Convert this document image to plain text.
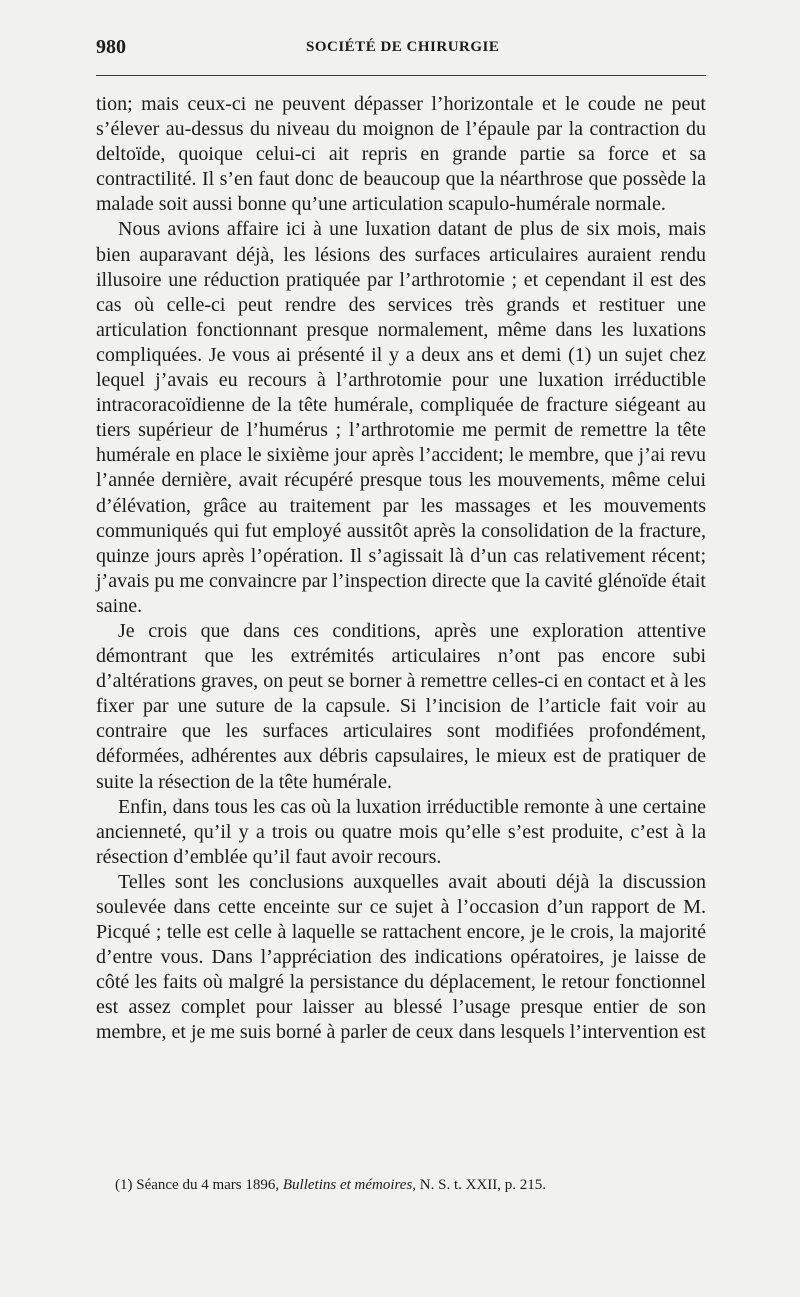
980	SOCIÉTÉ DE CHIRURGIE

tion; mais ceux-ci ne peuvent dépasser l’horizontale et le coude ne peut s’élever au-dessus du niveau du moignon de l’épaule par la contraction du deltoïde, quoique celui-ci ait repris en grande partie sa force et sa contractilité. Il s’en faut donc de beaucoup que la néarthrose que possède la malade soit aussi bonne qu’une articulation scapulo-humérale normale.

Nous avions affaire ici à une luxation datant de plus de six mois, mais bien auparavant déjà, les lésions des surfaces articulaires auraient rendu illusoire une réduction pratiquée par l’arthrotomie ; et cependant il est des cas où celle-ci peut rendre des services très grands et restituer une articulation fonctionnant presque normalement, même dans les luxations compliquées. Je vous ai présenté il y a deux ans et demi (1) un sujet chez lequel j’avais eu recours à l’arthrotomie pour une luxation irréductible intracoracoïdienne de la tête humérale, compliquée de fracture siégeant au tiers supérieur de l’humérus ; l’arthrotomie me permit de remettre la tête humérale en place le sixième jour après l’accident; le membre, que j’ai revu l’année dernière, avait récupéré presque tous les mouvements, même celui d’élévation, grâce au traitement par les massages et les mouvements communiqués qui fut employé aussitôt après la consolidation de la fracture, quinze jours après l’opération. Il s’agissait là d’un cas relativement récent; j’avais pu me convaincre par l’inspection directe que la cavité glénoïde était saine.

Je crois que dans ces conditions, après une exploration attentive démontrant que les extrémités articulaires n’ont pas encore subi d’altérations graves, on peut se borner à remettre celles-ci en contact et à les fixer par une suture de la capsule. Si l’incision de l’article fait voir au contraire que les surfaces articulaires sont modifiées profondément, déformées, adhérentes aux débris capsulaires, le mieux est de pratiquer de suite la résection de la tête humérale.

Enfin, dans tous les cas où la luxation irréductible remonte à une certaine ancienneté, qu’il y a trois ou quatre mois qu’elle s’est produite, c’est à la résection d’emblée qu’il faut avoir recours.

Telles sont les conclusions auxquelles avait abouti déjà la discussion soulevée dans cette enceinte sur ce sujet à l’occasion d’un rapport de M. Picqué ; telle est celle à laquelle se rattachent encore, je le crois, la majorité d’entre vous. Dans l’appréciation des indications opératoires, je laisse de côté les faits où malgré la persistance du déplacement, le retour fonctionnel est assez complet pour laisser au blessé l’usage presque entier de son membre, et je me suis borné à parler de ceux dans lesquels l’intervention est

(1) Séance du 4 mars 1896, Bulletins et mémoires, N. S. t. XXII, p. 215.
